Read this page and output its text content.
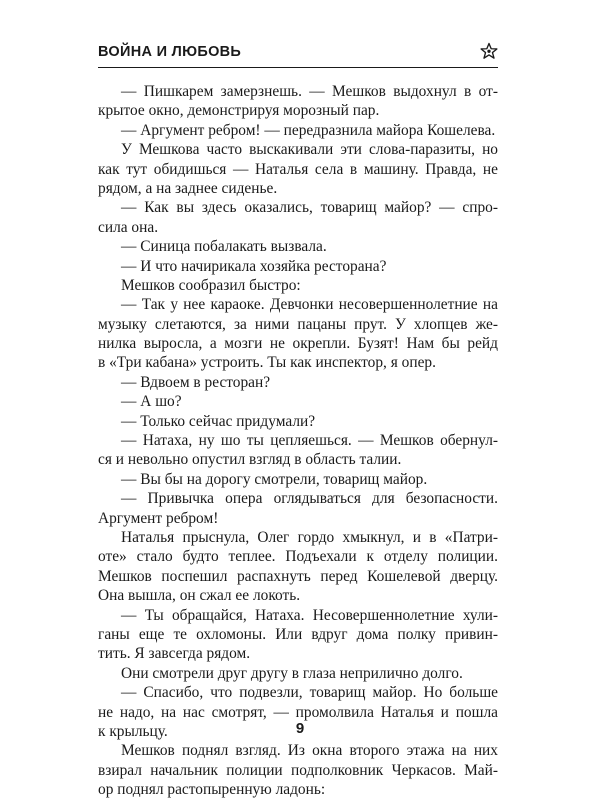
ВОЙНА И ЛЮБОВЬ
— Пишкарем замерзнешь. — Мешков выдохнул в от-
крытое окно, демонстрируя морозный пар.
— Аргумент ребром! — передразнила майора Кошелева.
У Мешкова часто выскакивали эти слова-паразиты, но
как тут обидишься — Наталья села в машину. Правда, не
рядом, а на заднее сиденье.
— Как вы здесь оказались, товарищ майор? — спро-
сила она.
— Синица побалакать вызвала.
— И что начирикала хозяйка ресторана?
Мешков сообразил быстро:
— Так у нее караоке. Девчонки несовершеннолетние на
музыку слетаются, за ними пацаны прут. У хлопцев же-
нилка выросла, а мозги не окрепли. Бузят! Нам бы рейд
в «Три кабана» устроить. Ты как инспектор, я опер.
— Вдвоем в ресторан?
— А шо?
— Только сейчас придумали?
— Натаха, ну шо ты цепляешься. — Мешков обернул-
ся и невольно опустил взгляд в область талии.
— Вы бы на дорогу смотрели, товарищ майор.
— Привычка опера оглядываться для безопасности.
Аргумент ребром!
Наталья прыснула, Олег гордо хмыкнул, и в «Патри-
оте» стало будто теплее. Подъехали к отделу полиции.
Мешков поспешил распахнуть перед Кошелевой дверцу.
Она вышла, он сжал ее локоть.
— Ты обращайся, Натаха. Несовершеннолетние хули-
ганы еще те охломоны. Или вдруг дома полку привин-
тить. Я завсегда рядом.
Они смотрели друг другу в глаза неприлично долго.
— Спасибо, что подвезли, товарищ майор. Но больше
не надо, на нас смотрят, — промолвила Наталья и пошла
к крыльцу.
Мешков поднял взгляд. Из окна второго этажа на них
взирал начальник полиции подполковник Черкасов. Май-
ор поднял растопыренную ладонь:
9
